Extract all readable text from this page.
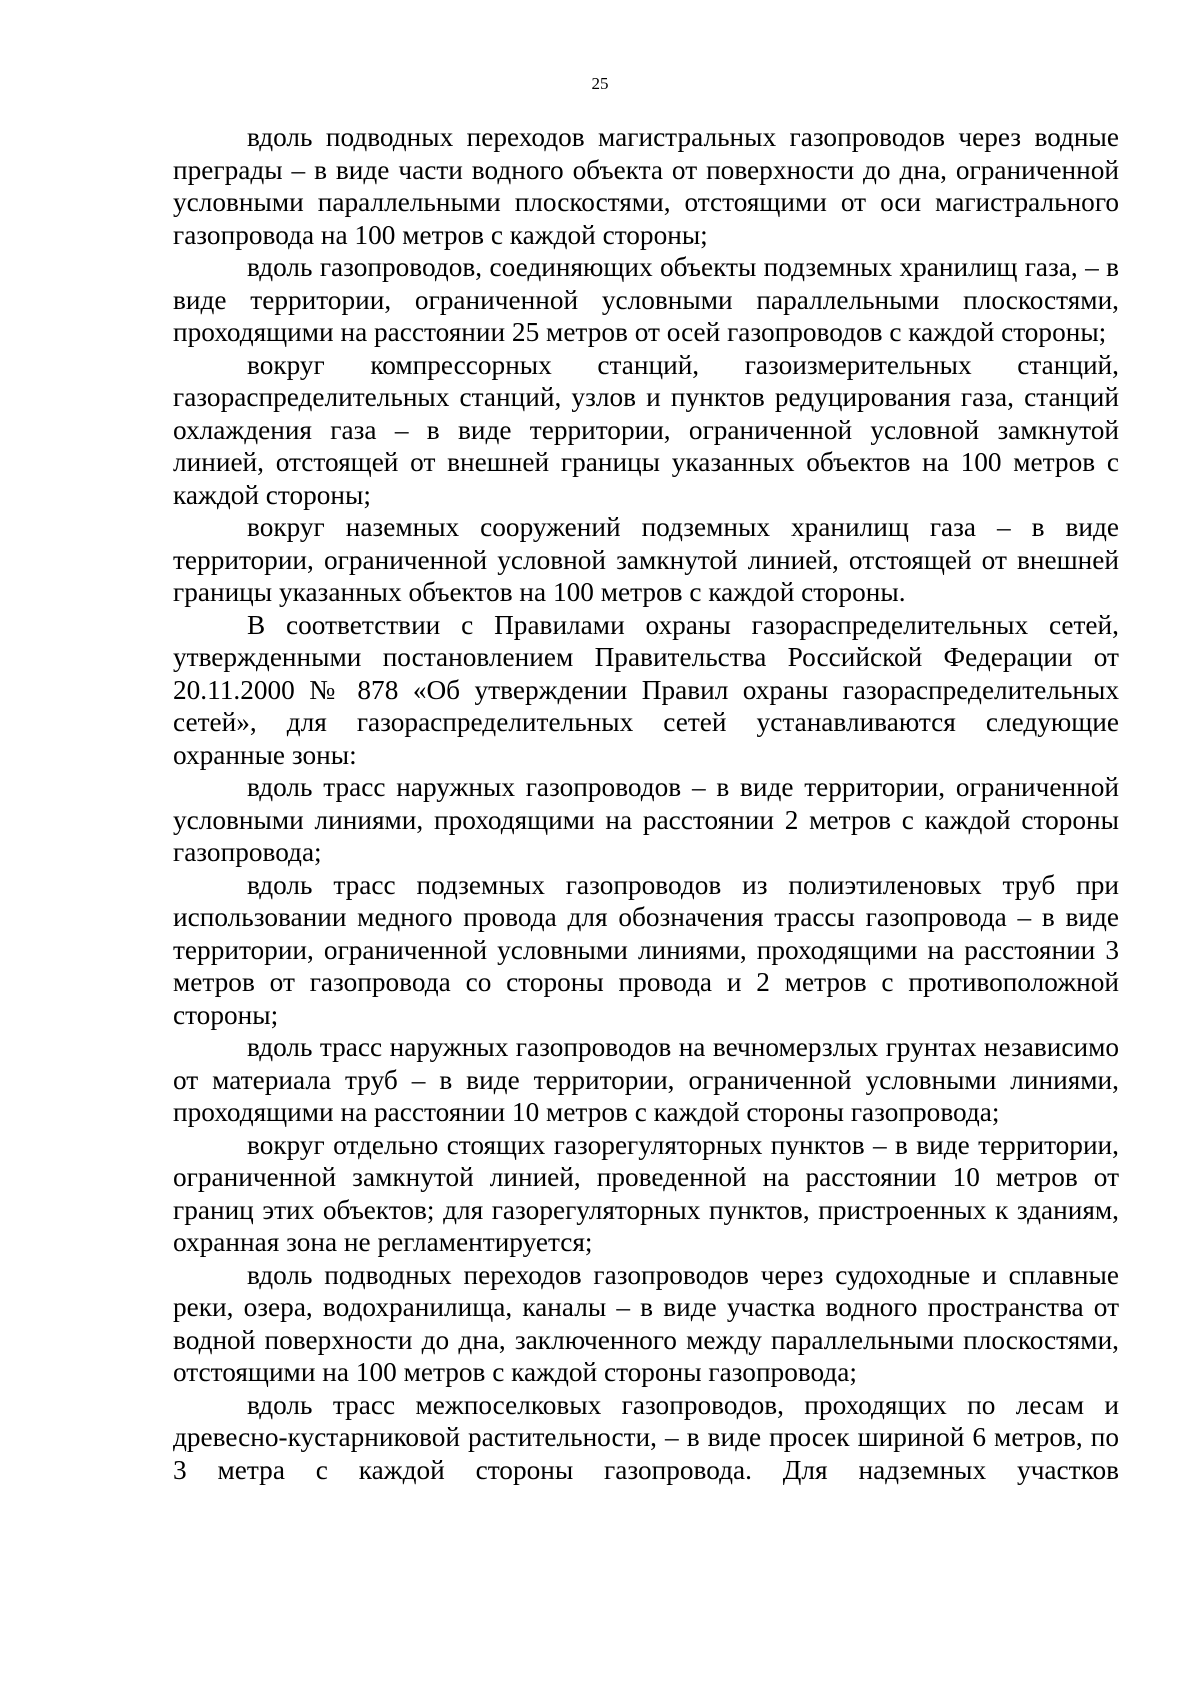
25

вдоль подводных переходов магистральных газопроводов через водные преграды – в виде части водного объекта от поверхности до дна, ограниченной условными параллельными плоскостями, отстоящими от оси магистрального газопровода на 100 метров с каждой стороны;

вдоль газопроводов, соединяющих объекты подземных хранилищ газа, – в виде территории, ограниченной условными параллельными плоскостями, проходящими на расстоянии 25 метров от осей газопроводов с каждой стороны;

вокруг компрессорных станций, газоизмерительных станций, газораспределительных станций, узлов и пунктов редуцирования газа, станций охлаждения газа – в виде территории, ограниченной условной замкнутой линией, отстоящей от внешней границы указанных объектов на 100 метров с каждой стороны;

вокруг наземных сооружений подземных хранилищ газа – в виде территории, ограниченной условной замкнутой линией, отстоящей от внешней границы указанных объектов на 100 метров с каждой стороны.

В соответствии с Правилами охраны газораспределительных сетей, утвержденными постановлением Правительства Российской Федерации от 20.11.2000 № 878 «Об утверждении Правил охраны газораспределительных сетей», для газораспределительных сетей устанавливаются следующие охранные зоны:

вдоль трасс наружных газопроводов – в виде территории, ограниченной условными линиями, проходящими на расстоянии 2 метров с каждой стороны газопровода;

вдоль трасс подземных газопроводов из полиэтиленовых труб при использовании медного провода для обозначения трассы газопровода – в виде территории, ограниченной условными линиями, проходящими на расстоянии 3 метров от газопровода со стороны провода и 2 метров с противоположной стороны;

вдоль трасс наружных газопроводов на вечномерзлых грунтах независимо от материала труб – в виде территории, ограниченной условными линиями, проходящими на расстоянии 10 метров с каждой стороны газопровода;

вокруг отдельно стоящих газорегуляторных пунктов – в виде территории, ограниченной замкнутой линией, проведенной на расстоянии 10 метров от границ этих объектов; для газорегуляторных пунктов, пристроенных к зданиям, охранная зона не регламентируется;

вдоль подводных переходов газопроводов через судоходные и сплавные реки, озера, водохранилища, каналы – в виде участка водного пространства от водной поверхности до дна, заключенного между параллельными плоскостями, отстоящими на 100 метров с каждой стороны газопровода;

вдоль трасс межпоселковых газопроводов, проходящих по лесам и древесно-кустарниковой растительности, – в виде просек шириной 6 метров, по 3 метра с каждой стороны газопровода. Для надземных участков
